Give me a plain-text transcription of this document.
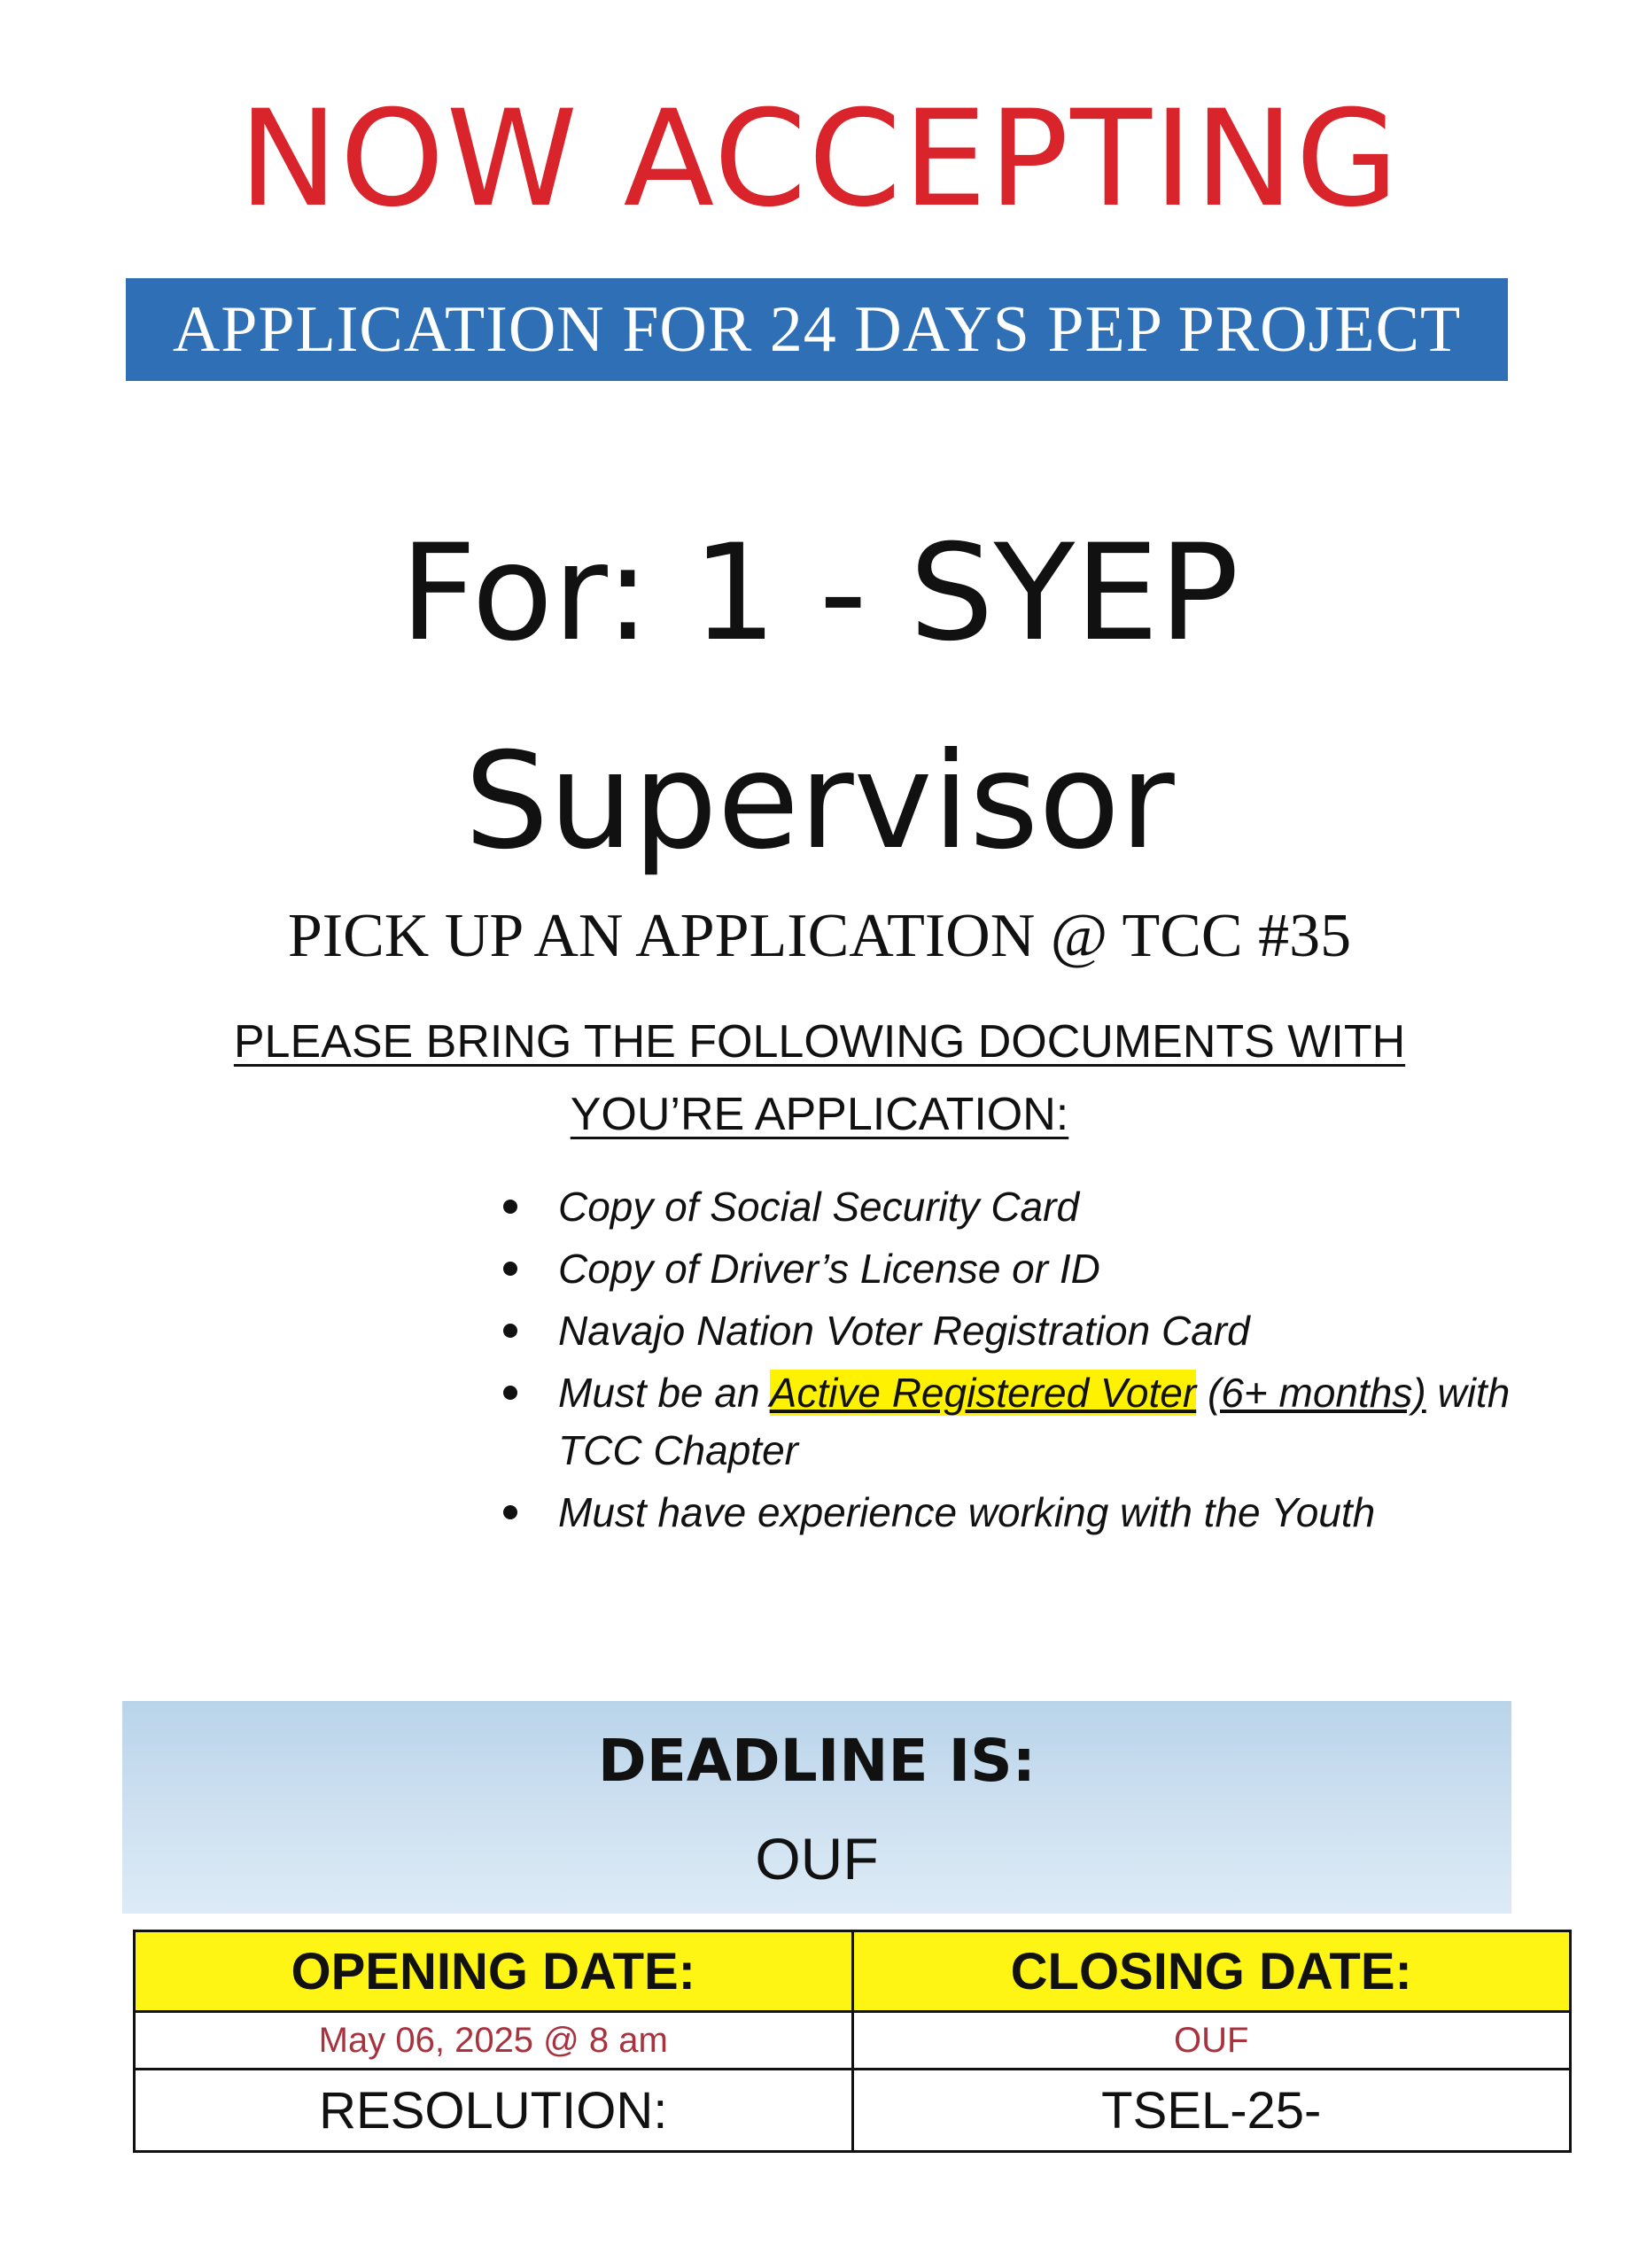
NOW ACCEPTING
APPLICATION FOR 24 DAYS PEP PROJECT
For: 1 - SYEP
Supervisor
PICK UP AN APPLICATION @ TCC #35
PLEASE BRING THE FOLLOWING DOCUMENTS WITH
YOU’RE APPLICATION:
Copy of Social Security Card
Copy of Driver’s License or ID
Navajo Nation Voter Registration Card
Must be an Active Registered Voter (6+ months) with TCC Chapter
Must have experience working with the Youth
DEADLINE IS:
OUF
OPENING DATE:	CLOSING DATE:
May 06, 2025 @ 8 am	OUF
RESOLUTION:	TSEL-25-
